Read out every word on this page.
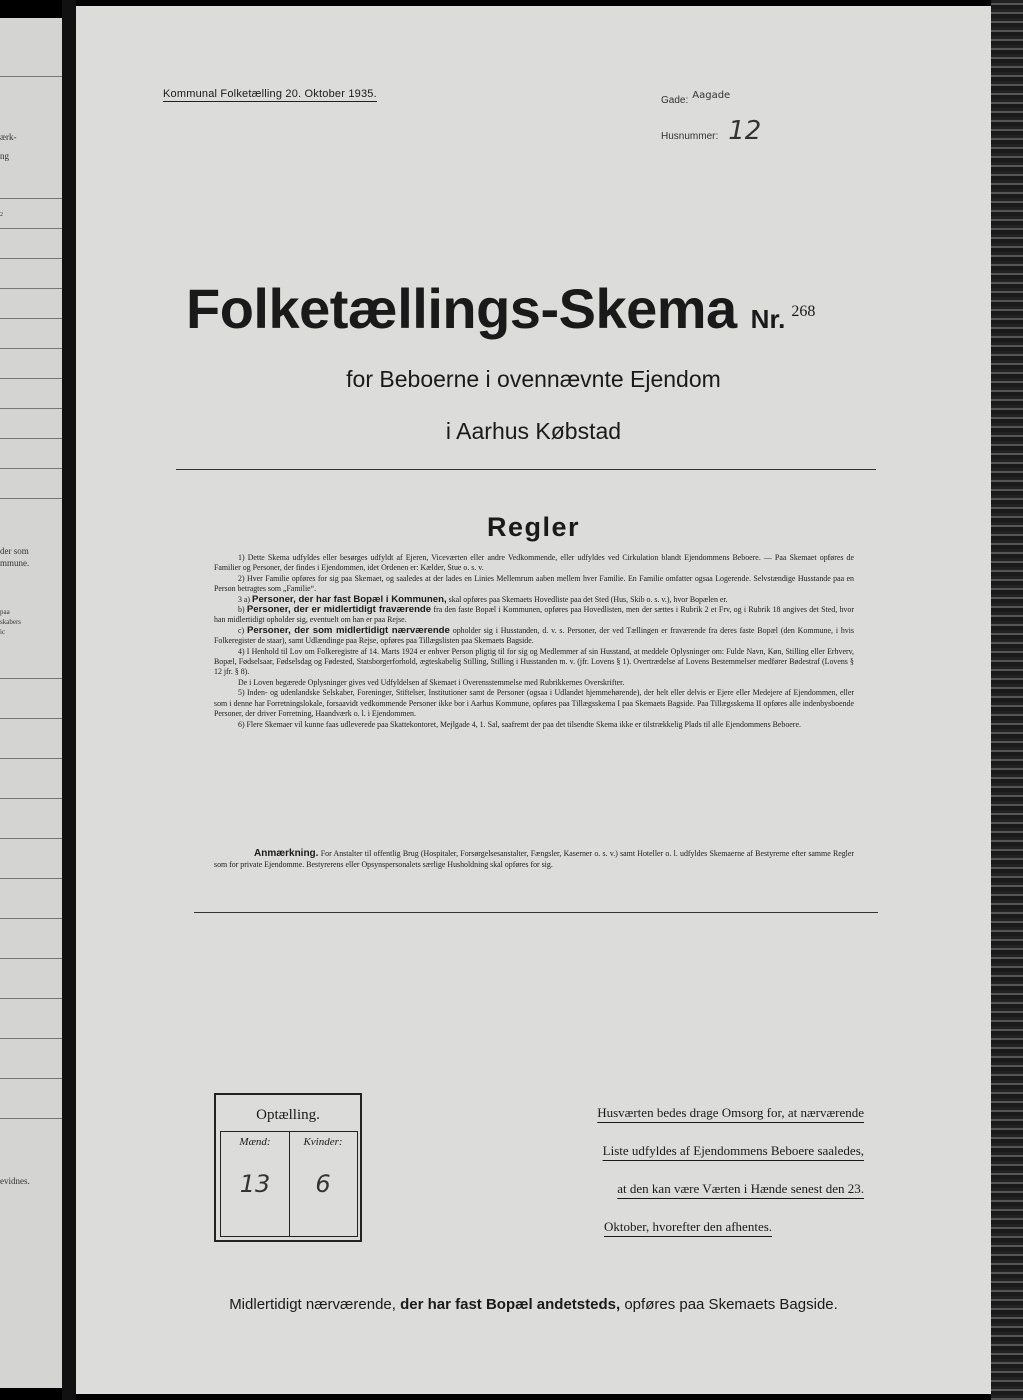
ærk-
ng
2
der som
mmune.
paa
skabers
ic
evidnes.
Kommunal Folketælling 20. Oktober 1935.
Gade: $^{Aagade}$
Husnummer: 12
Folketællings-Skema Nr. 268
for Beboerne i ovennævnte Ejendom
i Aarhus Købstad
Regler

1) Dette Skema udfyldes eller besørges udfyldt af Ejeren, Viceværten eller andre Vedkommende, eller udfyldes ved Cirkulation blandt Ejendommens Beboere. — Paa Skemaet opføres de Familier og Personer, der findes i Ejendommen, idet Ordenen er: Kælder, Stue o. s. v.

2) Hver Familie opføres for sig paa Skemaet, og saaledes at der lades en Linies Mellemrum aaben mellem hver Familie. En Familie omfatter ogsaa Logerende. Selvstændige Husstande paa en Person betragtes som „Familie“.

3 a) Personer, der har fast Bopæl i Kommunen, skal opføres paa Skemaets Hovedliste paa det Sted (Hus, Skib o. s. v.), hvor Bopælen er.

b) Personer, der er midlertidigt fraværende fra den faste Bopæl i Kommunen, opføres paa Hovedlisten, men der sættes i Rubrik 2 et Frv, og i Rubrik 18 angives det Sted, hvor han midlertidigt opholder sig, eventuelt om han er paa Rejse.

c) Personer, der som midlertidigt nærværende opholder sig i Husstanden, d. v. s. Personer, der ved Tællingen er fraværende fra deres faste Bopæl (den Kommune, i hvis Folkeregister de staar), samt Udlændinge paa Rejse, opføres paa Tillægslisten paa Skemaets Bagside.

4) I Henhold til Lov om Folkeregistre af 14. Marts 1924 er enhver Person pligtig til for sig og Medlemmer af sin Husstand, at meddele Oplysninger om: Fulde Navn, Køn, Stilling eller Erhverv, Bopæl, Fødselsaar, Fødselsdag og Fødested, Statsborgerforhold, ægteskabelig Stilling, Stilling i Husstanden m. v. (jfr. Lovens § 1). Overtrædelse af Lovens Bestemmelser medfører Bødestraf (Lovens § 12 jfr. § 8).

De i Loven begærede Oplysninger gives ved Udfyldelsen af Skemaet i Overensstemmelse med Rubrikkernes Overskrifter.

5) Inden- og udenlandske Selskaber, Foreninger, Stiftelser, Institutioner samt de Personer (ogsaa i Udlandet hjemmehørende), der helt eller delvis er Ejere eller Medejere af Ejendommen, eller som i denne har Forretningslokale, forsaavidt vedkommende Personer ikke bor i Aarhus Kommune, opføres paa Tillægsskema I paa Skemaets Bagside. Paa Tillægsskema II opføres alle indenbysboende Personer, der driver Forretning, Haandværk o. l. i Ejendommen.

6) Flere Skemaer vil kunne faas udleverede paa Skattekontoret, Mejlgade 4, 1. Sal, saafremt der paa det tilsendte Skema ikke er tilstrækkelig Plads til alle Ejendommens Beboere.

Anmærkning. For Anstalter til offentlig Brug (Hospitaler, Forsørgelsesanstalter, Fængsler, Kaserner o. s. v.) samt Hoteller o. l. udfyldes Skemaerne af Bestyrerne efter samme Regler som for private Ejendomme. Bestyrerens eller Opsynspersonalets særlige Husholdning skal opføres for sig.
Optælling.
Mænd:	Kvinder:
13	6
Husværten bedes drage Omsorg for, at nærværende
Liste udfyldes af Ejendommens Beboere saaledes,
at den kan være Værten i Hænde senest den 23.
Oktober, hvorefter den afhentes.
Midlertidigt nærværende, der har fast Bopæl andetsteds, opføres paa Skemaets Bagside.
